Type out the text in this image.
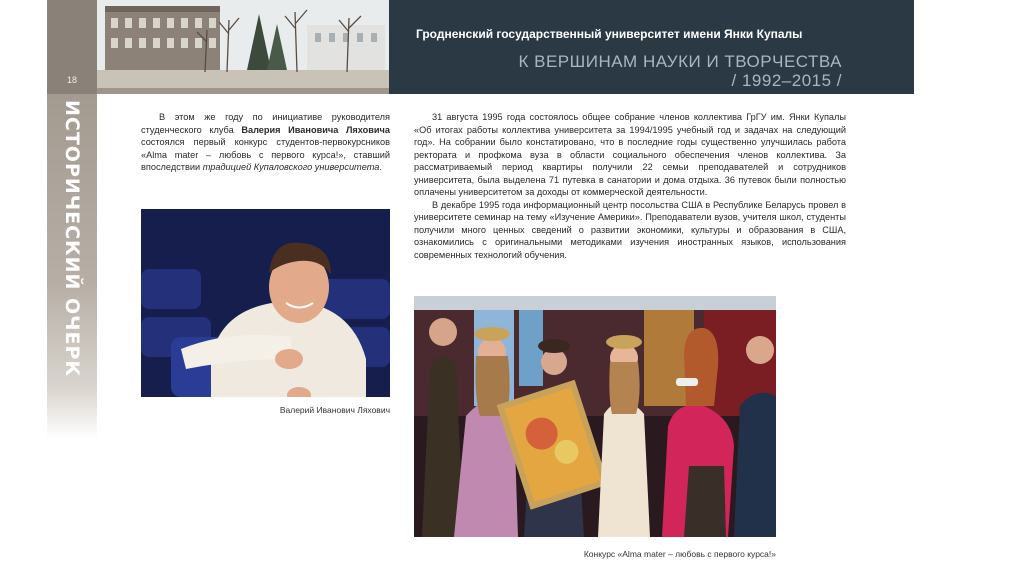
18
ИСТОРИЧЕСКИЙ ОЧЕРК
Гродненский государственный университет имени Янки Купалы
К ВЕРШИНАМ НАУКИ И ТВОРЧЕСТВА
/ 1992–2015 /
В этом же году по инициативе руководителя студенческого клуба Валерия Ивановича Ляховича состоялся первый конкурс студентов-первокурсников «Alma mater – любовь с первого курса!», ставший впоследствии традицией Купаловского университета.
Валерий Иванович Ляхович

31 августа 1995 года состоялось общее собрание членов коллектива ГрГУ им. Янки Купалы «Об итогах работы коллектива университета за 1994/1995 учебный год и задачах на следующий год». На собрании было констатировано, что в последние годы существенно улучшилась работа ректората и профкома вуза в области социального обеспечения членов коллектива. За рассматриваемый период квартиры получили 22 семьи преподавателей и сотрудников университета, была выделена 71 путевка в санатории и дома отдыха. 36 путевок были полностью оплачены университетом за доходы от коммерческой деятельности.

В декабре 1995 года информационный центр посольства США в Республике Беларусь провел в университете семинар на тему «Изучение Америки». Преподаватели вузов, учителя школ, студенты получили много ценных сведений о развитии экономики, культуры и образования в США, ознакомились с оригинальными методиками изучения иностранных языков, использования современных технологий обучения.

Конкурс «Alma mater – любовь с первого курса!»
